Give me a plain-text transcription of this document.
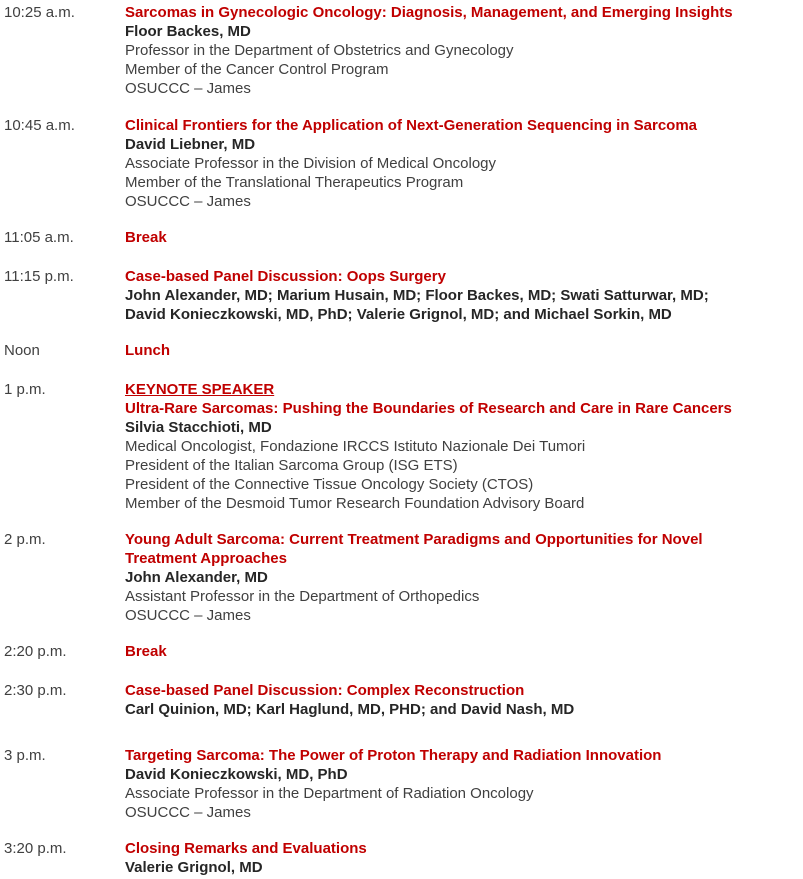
10:25 a.m.	Sarcomas in Gynecologic Oncology: Diagnosis, Management, and Emerging Insights
Floor Backes, MD
Professor in the Department of Obstetrics and Gynecology
Member of the Cancer Control Program
OSUCCC – James
10:45 a.m.	Clinical Frontiers for the Application of Next-Generation Sequencing in Sarcoma
David Liebner, MD
Associate Professor in the Division of Medical Oncology
Member of the Translational Therapeutics Program
OSUCCC – James
11:05 a.m.	Break
11:15 p.m.	Case-based Panel Discussion: Oops Surgery
John Alexander, MD; Marium Husain, MD; Floor Backes, MD; Swati Satturwar, MD;
David Konieczkowski, MD, PhD; Valerie Grignol, MD; and Michael Sorkin, MD
Noon	Lunch
1 p.m.	KEYNOTE SPEAKER
Ultra-Rare Sarcomas: Pushing the Boundaries of Research and Care in Rare Cancers
Silvia Stacchioti, MD
Medical Oncologist, Fondazione IRCCS Istituto Nazionale Dei Tumori
President of the Italian Sarcoma Group (ISG ETS)
President of the Connective Tissue Oncology Society (CTOS)
Member of the Desmoid Tumor Research Foundation Advisory Board
2 p.m.	Young Adult Sarcoma: Current Treatment Paradigms and Opportunities for Novel
Treatment Approaches
John Alexander, MD
Assistant Professor in the Department of Orthopedics
OSUCCC – James
2:20 p.m.	Break
2:30 p.m.	Case-based Panel Discussion: Complex Reconstruction
Carl Quinion, MD; Karl Haglund, MD, PHD; and David Nash, MD
3 p.m.	Targeting Sarcoma: The Power of Proton Therapy and Radiation Innovation
David Konieczkowski, MD, PhD
Associate Professor in the Department of Radiation Oncology
OSUCCC – James
3:20 p.m.	Closing Remarks and Evaluations
Valerie Grignol, MD
